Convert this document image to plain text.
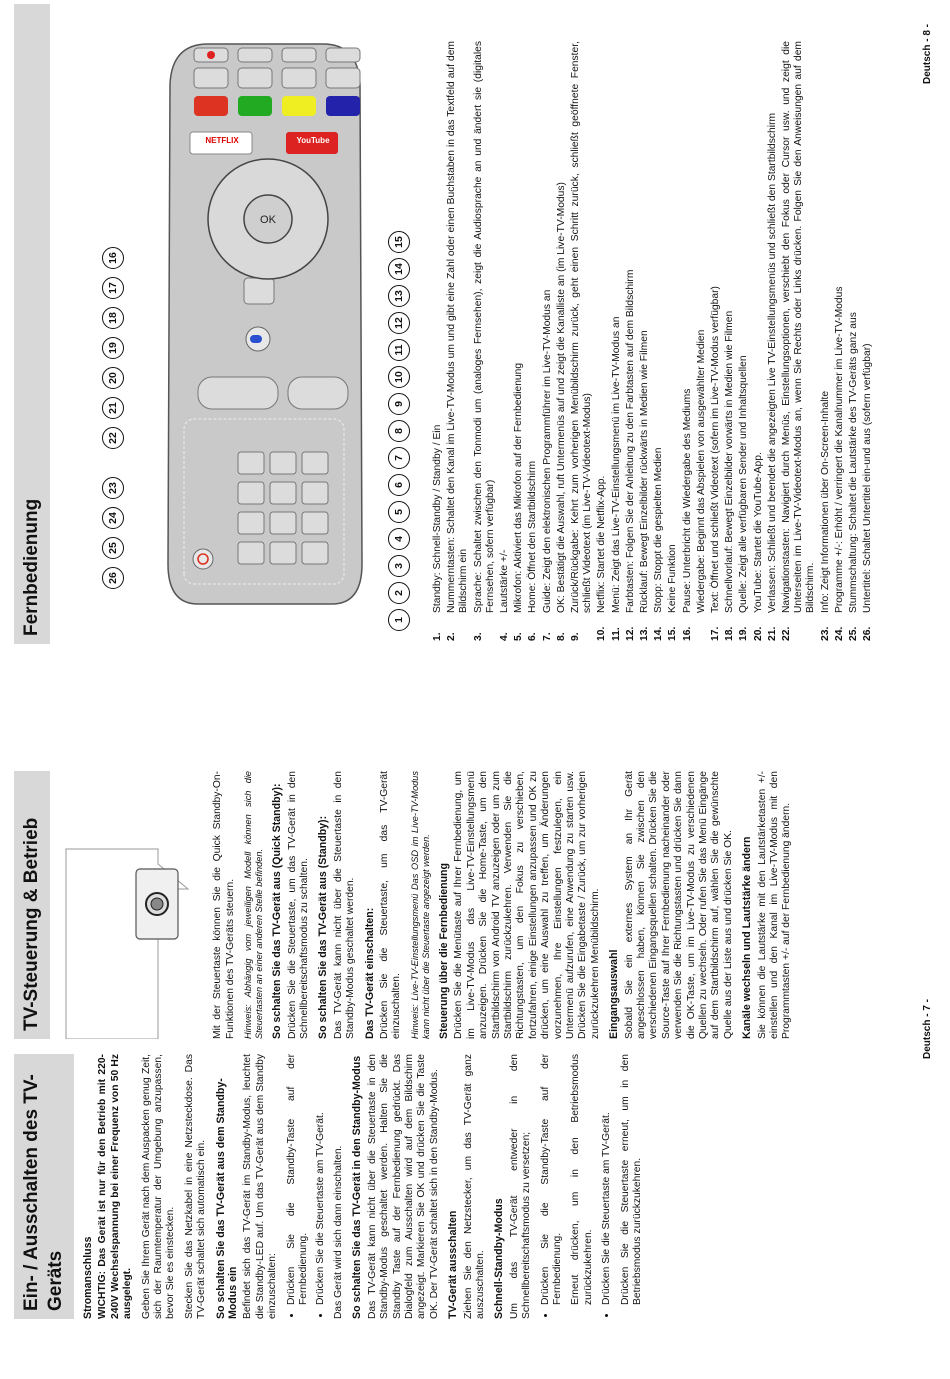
Ein- / Ausschalten des TV-Geräts	Stromanschluss WICHTIG: Das Gerät ist nur für den Betrieb mit 220-240V Wechselspannung bei einer Frequenz von 50 Hz ausgelegt. Geben Sie Ihrem Gerät nach dem Auspacken genug Zeit, sich der Raumtemperatur der Umgebung anzupassen, bevor Sie es einstecken. Stecken Sie das Netzkabel in eine Netzsteckdose. Das TV-Gerät schaltet sich automatisch ein. So schalten Sie das TV-Gerät aus dem Standby-Modus ein Befindet sich das TV-Gerät im Standby-Modus, leuchtet die Standby-LED auf. Um das TV-Gerät aus dem Standby einzuschalten: • Drücken Sie die Standby-Taste auf der Fernbedienung. • Drücken Sie die Steuertaste am TV-Gerät. Das Gerät wird sich dann einschalten. So schalten Sie das TV-Gerät in den Standby-Modus Das TV-Gerät kann nicht über die Steuertaste in den Standby-Modus geschaltet werden. Halten Sie die Standby Taste auf der Fernbedienung gedrückt. Das Dialogfeld zum Ausschalten wird auf dem Bildschirm angezeigt. Markieren Sie OK und drücken Sie die Taste OK. Der TV-Gerät schaltet sich in den Standby-Modus. TV-Gerät ausschalten Ziehen Sie den Netzstecker, um das TV-Gerät ganz auszuschalten. Schnell-Standby-Modus Um das TV-Gerät entweder in den Schnellbereitschaftsmodus zu versetzen; • Drücken Sie die Standby-Taste auf der Fernbedienung. Erneut drücken, um in den Betriebsmodus zurückzukehren. • Drücken Sie die Steuertaste am TV-Gerät. Drücken Sie die Steuertaste erneut, um in den Betriebsmodus zurückzukehren.

TV-Steuerung & Betrieb	Mit der Steuertaste können Sie die Quick Standby-On-Funktionen des TV-Geräts steuern. Hinweis: Abhängig vom jeweiligen Modell können sich die Steuertasten an einer anderen Stelle befinden. So schalten Sie das TV-Gerät aus (Quick Standby): Drücken Sie die Steuertaste, um das TV-Gerät in den Schnellbereitschaftsmodus zu schalten. So schalten Sie das TV-Gerät aus (Standby): Das TV-Gerät kann nicht über die Steuertaste in den Standby-Modus geschaltet werden. Das TV-Gerät einschalten: Drücken Sie die Steuertaste, um das TV-Gerät einzuschalten. Hinweis: Live-TV-Einstellungsmenü Das OSD im Live-TV-Modus kann nicht über die Steuertaste angezeigt werden. Steuerung über die Fernbedienung Drücken Sie die Menütaste auf Ihrer Fernbedienung, um im Live-TV-Modus das Live-TV-Einstellungsmenü anzuzeigen. Drücken Sie die Home-Taste, um den Startbildschirm von Android TV anzuzeigen oder um zum Startbildschirm zurückzukehren. Verwenden Sie die Richtungstasten, um den Fokus zu verschieben, fortzufahren, einige Einstellungen anzupassen und OK zu drücken, um eine Auswahl zu treffen, um Änderungen vorzunehmen, Ihre Einstellungen festzulegen, ein Untermenü aufzurufen, eine Anwendung zu starten usw. Drücken Sie die Eingabetaste / Zurück, um zur vorherigen zurückzukehren Menübildschirm. Eingangsauswahl Sobald Sie ein externes System an Ihr Gerät angeschlossen haben, können Sie zwischen den verschiedenen Eingangsquellen schalten. Drücken Sie die Source-Taste auf Ihrer Fernbedienung nacheinander oder verwenden Sie die Richtungstasten und drücken Sie dann die OK-Taste, um im Live-TV-Modus zu verschiedenen Quellen zu wechseln. Oder rufen Sie das Menü Eingänge auf dem Startbildschirm auf, wählen Sie die gewünschte Quelle aus der Liste aus und drücken Sie OK. Kanäle wechseln und Lautstärke ändern Sie können die Lautstärke mit den Lautstärketasten +/- einstellen und den Kanal im Live-TV-Modus mit den Programmtasten +/- auf der Fernbedienung ändern.	Deutsch - 7 -
Fernbedienung
OK
NETFLIX	YouTube
1.
Standby: Schnell-Standby / Standby / Ein
2.
Nummerntasten: Schaltet den Kanal im Live-TV-Modus um und gibt eine Zahl oder einen Buchstaben in das Textfeld auf dem Bildschirm ein
3.
Sprache: Schaltet zwischen den Tonmodi um (analoges Fernsehen), zeigt die Audiosprache an und ändert sie (digitales Fernsehen, sofern verfügbar)
4.
Lautstärke +/-
5.
Mikrofon: Aktiviert das Mikrofon auf der Fernbedienung
6.
Home: Öffnet den Startbildschirm
7.
Guide: Zeigt den elektronischen Programmführer im Live-TV-Modus an
8.
OK: Bestätigt die Auswahl, ruft Untermenüs auf und zeigt die Kanalliste an (im Live-TV-Modus)
9.
Zurück/Rückgabe: Kehrt zum vorherigen Menübildschirm zurück, geht einen Schritt zurück, schließt geöffnete Fenster, schließt Videotext (im Live-TV-Videotext-Modus)
10.
Netflix: Startet die Netflix-App.
11.
Menü: Zeigt das Live-TV-Einstellungsmenü im Live-TV-Modus an
12.
Farbtasten: Folgen Sie der Anleitung zu den Farbtasten auf dem Bildschirm
13.
Rücklauf: Bewegt Einzelbilder rückwärts in Medien wie Filmen
14.
Stopp: Stoppt die gespielten Medien
15.
Keine Funktion
16.
Pause: Unterbricht die Wiedergabe des Mediums Wiedergabe: Beginnt das Abspielen von ausgewählter Medien
17.
Text: Öffnet und schließt Videotext (sofern im Live-TV-Modus verfügbar)
18.
Schnellvorlauf: Bewegt Einzelbilder vorwärts in Medien wie Filmen
19.
Quelle: Zeigt alle verfügbaren Sender und Inhaltsquellen
20.
YouTube: Startet die YouTube-App.
21.
Verlassen: Schließt und beendet die angezeigten Live TV-Einstellungsmenüs und schließt den Startbildschirm
22.
Navigationstasten: Navigiert durch Menüs, Einstellungsoptionen, verschiebt den Fokus oder Cursor usw. und zeigt die Unterseiten im Live-TV-Videotext-Modus an, wenn Sie Rechts oder Links drücken. Folgen Sie den Anweisungen auf dem Bildschirm.
23.
Info: Zeigt Informationen über On-Screen-Inhalte
24.
Programme +/-: Erhöht / verringert die Kanalnummer im Live-TV-Modus
25.
Stummschaltung: Schaltet die Lautstärke des TV-Geräts ganz aus
26.
Untertitel: Schaltet Untertitel ein-und aus (sofern verfügbar)
Deutsch - 8 -
1
2
3
4
5
6
7
8
9
10
11
12
13
14
15
26
25
24
23
22
21
20
19
18
17
16
